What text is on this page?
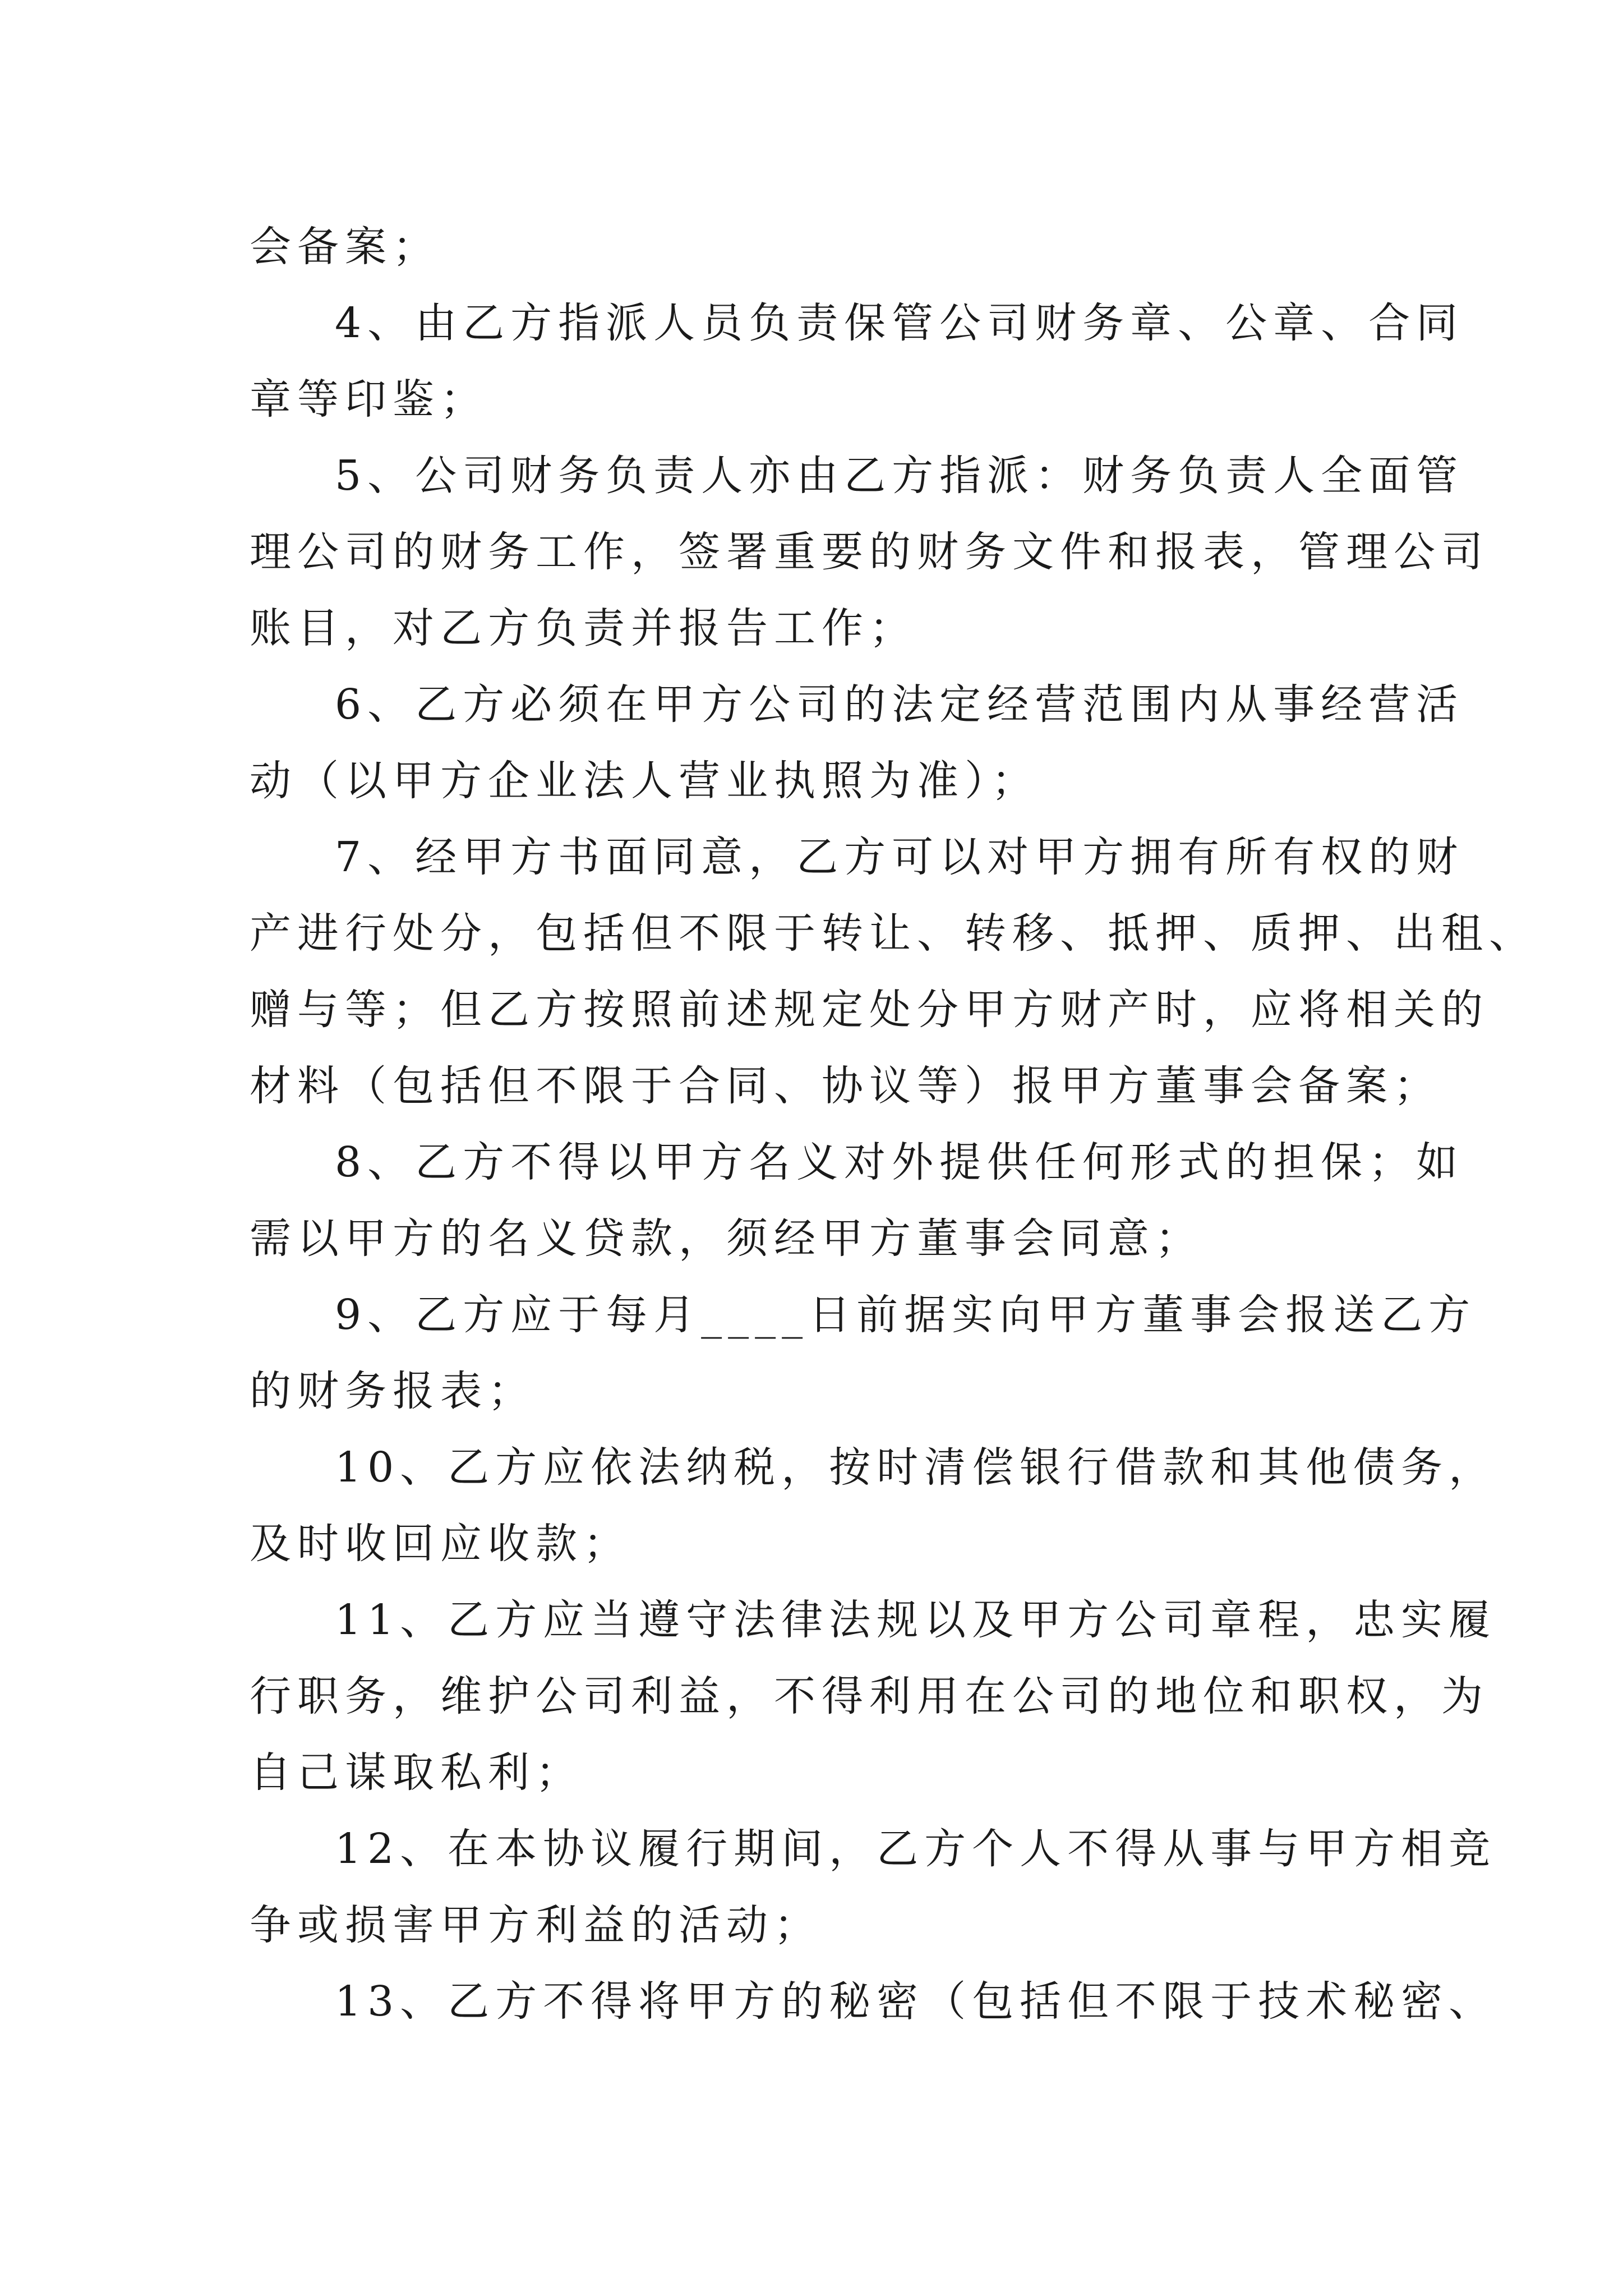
会备案；
4、由乙方指派人员负责保管公司财务章、公章、合同
章等印鉴；
5、公司财务负责人亦由乙方指派：财务负责人全面管
理公司的财务工作，签署重要的财务文件和报表，管理公司
账目，对乙方负责并报告工作；
6、乙方必须在甲方公司的法定经营范围内从事经营活
动（以甲方企业法人营业执照为准）；
7、经甲方书面同意，乙方可以对甲方拥有所有权的财
产进行处分，包括但不限于转让、转移、抵押、质押、出租、
赠与等；但乙方按照前述规定处分甲方财产时，应将相关的
材料（包括但不限于合同、协议等）报甲方董事会备案；
8、乙方不得以甲方名义对外提供任何形式的担保；如
需以甲方的名义贷款，须经甲方董事会同意；
9、乙方应于每月____日前据实向甲方董事会报送乙方
的财务报表；
10、乙方应依法纳税，按时清偿银行借款和其他债务，
及时收回应收款；
11、乙方应当遵守法律法规以及甲方公司章程，忠实履
行职务，维护公司利益，不得利用在公司的地位和职权，为
自己谋取私利；
12、在本协议履行期间，乙方个人不得从事与甲方相竞
争或损害甲方利益的活动；
13、乙方不得将甲方的秘密（包括但不限于技术秘密、
